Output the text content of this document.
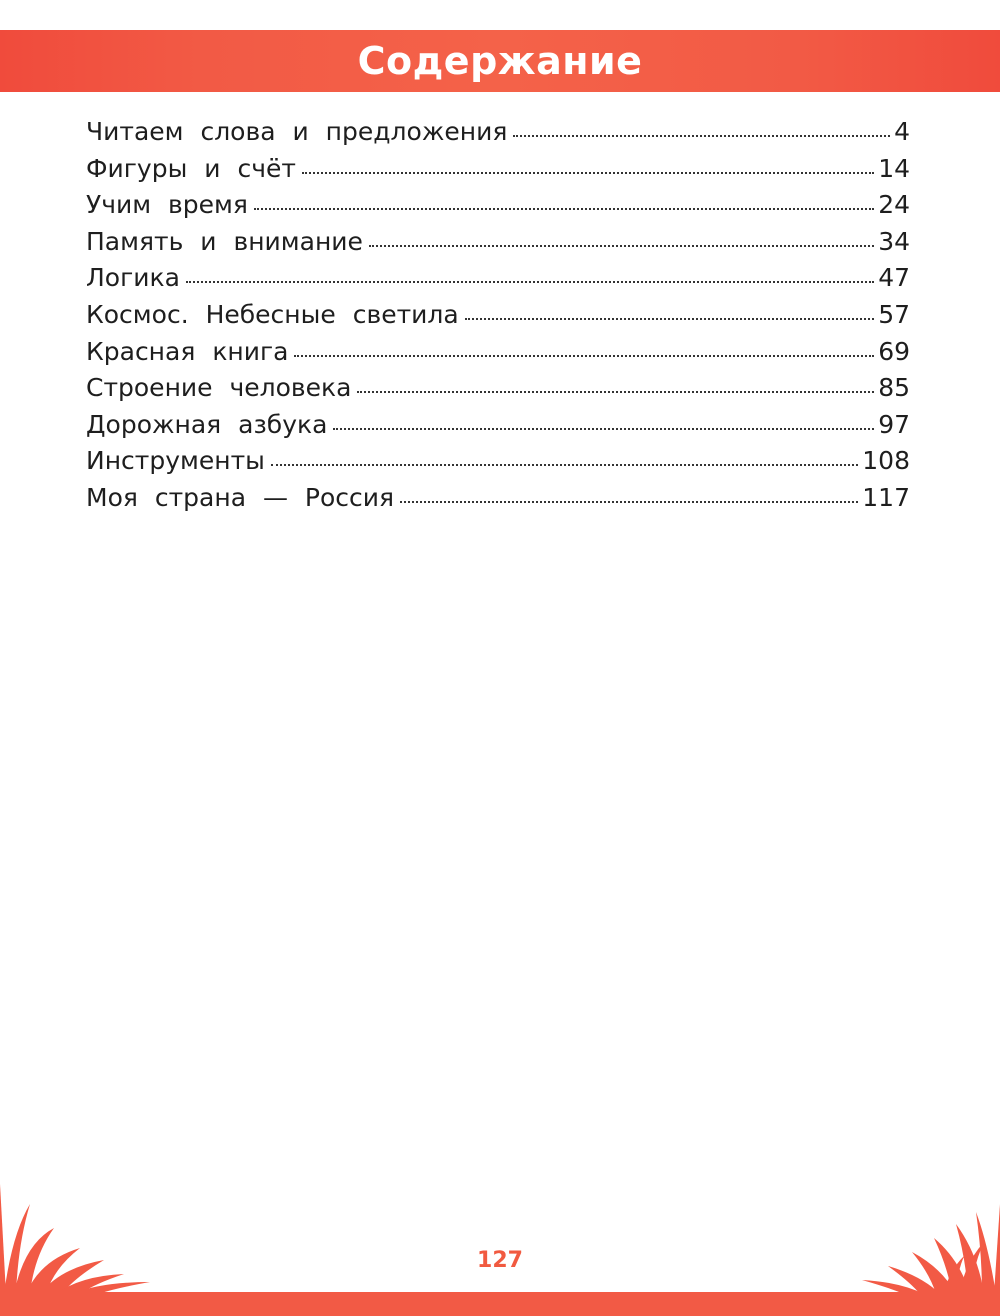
Содержание
Читаем слова и предложения	4
Фигуры и счёт	14
Учим время	24
Память и внимание	34
Логика	47
Космос. Небесные светила	57
Красная книга	69
Строение человека	85
Дорожная азбука	97
Инструменты	108
Моя страна — Россия	117
127
